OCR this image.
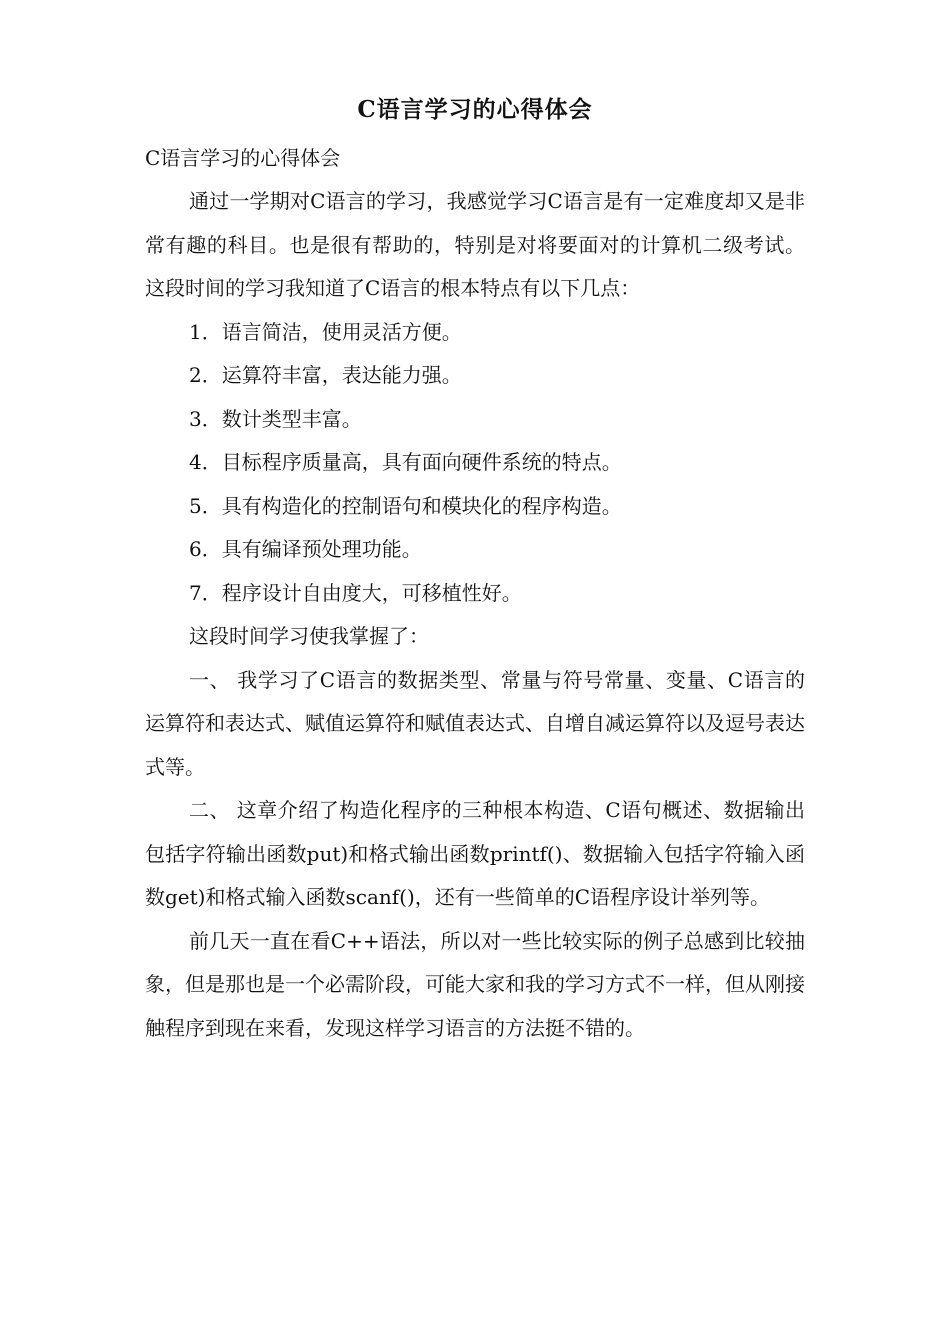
C语言学习的心得体会
C语言学习的心得体会

通过一学期对C语言的学习，我感觉学习C语言是有一定难度却又是非常有趣的科目。也是很有帮助的，特别是对将要面对的计算机二级考试。 这段时间的学习我知道了C语言的根本特点有以下几点：

1．语言简洁，使用灵活方便。
2．运算符丰富，表达能力强。
3．数计类型丰富。
4．目标程序质量高，具有面向硬件系统的特点。
5．具有构造化的控制语句和模块化的程序构造。
6．具有编译预处理功能。
7．程序设计自由度大，可移植性好。

这段时间学习使我掌握了：

一、 我学习了C语言的数据类型、常量与符号常量、变量、C语言的运算符和表达式、赋值运算符和赋值表达式、自增自减运算符以及逗号表达式等。

二、 这章介绍了构造化程序的三种根本构造、C语句概述、数据输出包括字符输出函数put)和格式输出函数printf()、数据输入包括字符输入函数get)和格式输入函数scanf()，还有一些简单的C语程序设计举列等。

前几天一直在看C++语法，所以对一些比较实际的例子总感到比较抽象，但是那也是一个必需阶段，可能大家和我的学习方式不一样，但从刚接触程序到现在来看，发现这样学习语言的方法挺不错的。
